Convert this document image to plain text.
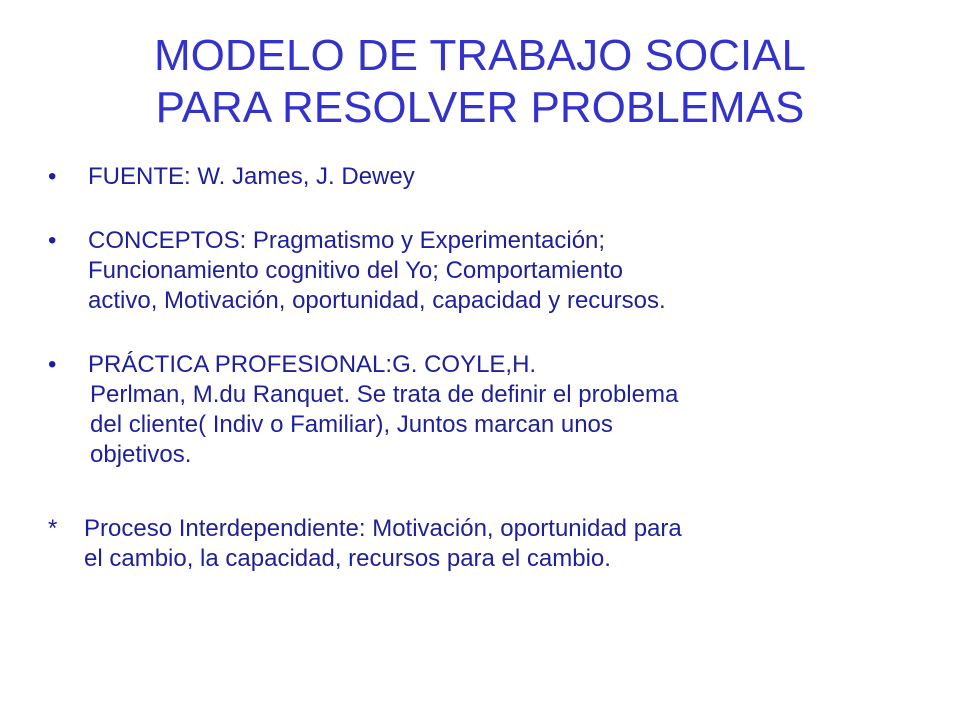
MODELO DE TRABAJO SOCIAL
PARA RESOLVER PROBLEMAS
•	FUENTE: W. James, J. Dewey
•	CONCEPTOS: Pragmatismo y Experimentación;
Funcionamiento cognitivo del Yo; Comportamiento
activo, Motivación, oportunidad, capacidad y recursos.
•	PRÁCTICA PROFESIONAL:G. COYLE,H.
Perlman, M.du Ranquet. Se trata de definir el problema
del cliente( Indiv o Familiar), Juntos marcan unos
objetivos.
* Proceso Interdependiente: Motivación, oportunidad para
el cambio, la capacidad, recursos para el cambio.
